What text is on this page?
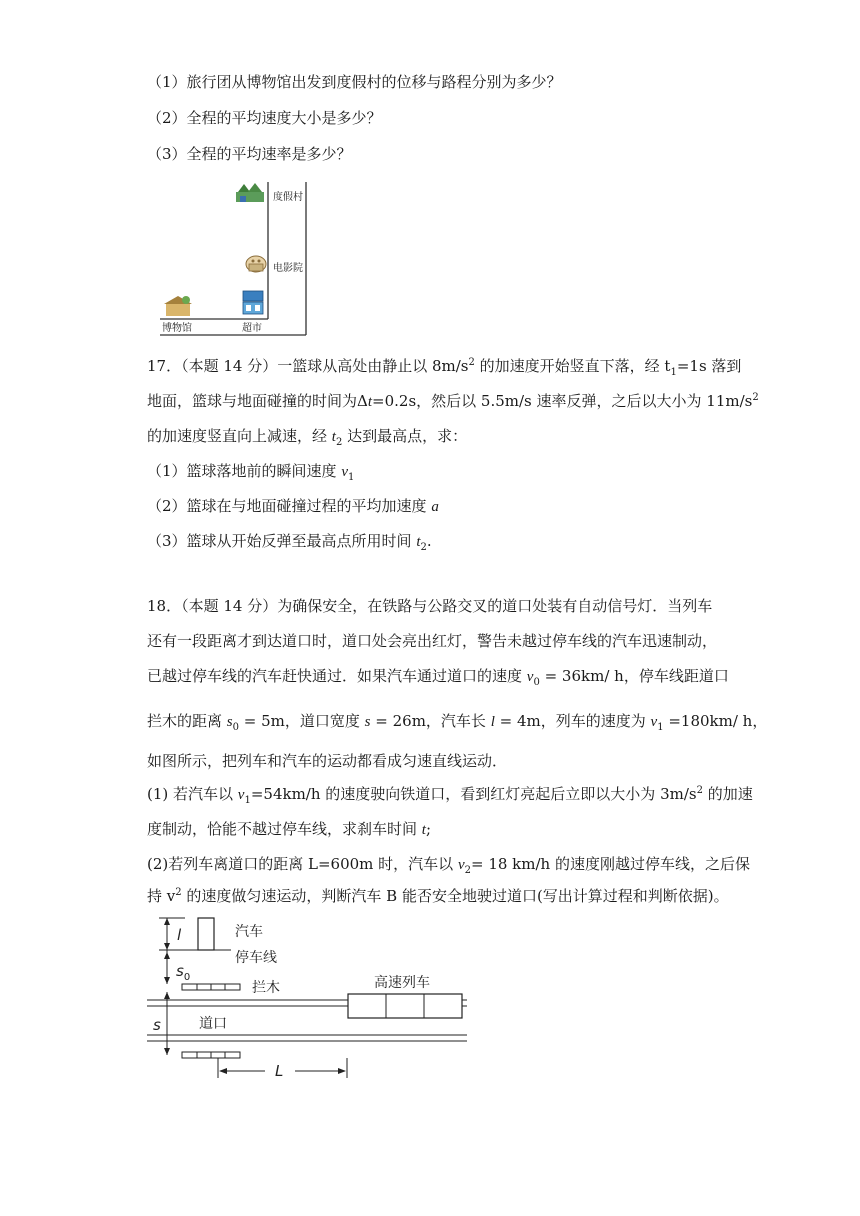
（1）旅行团从博物馆出发到度假村的位移与路程分别为多少？
（2）全程的平均速度大小是多少？
（3）全程的平均速率是多少？
度假村
电影院
博物馆	超市
17．（本题 14 分）一篮球从高处由静止以 $8m/s^2$ 的加速度开始竖直下落，经 $t_1=1s$ 落到
地面，篮球与地面碰撞的时间为Δt=0.2s，然后以 5.5m/s 速率反弹，之后以大小为 $11m/s^2$
的加速度竖直向上减速，经 $t_2$ 达到最高点，求：
（1）篮球落地前的瞬间速度 $v_1$
（2）篮球在与地面碰撞过程的平均加速度 a
（3）篮球从开始反弹至最高点所用时间 $t_2$.
18．（本题 14 分）为确保安全，在铁路与公路交叉的道口处装有自动信号灯．当列车
还有一段距离才到达道口时，道口处会亮出红灯，警告未越过停车线的汽车迅速制动，
已越过停车线的汽车赶快通过．如果汽车通过道口的速度 $v_0 = 36km/$ h，停车线距道口
拦木的距离 $s_0 = 5m$，道口宽度 s = 26m，汽车长 l = 4m，列车的速度为 $v_1 =180km/$ h，
如图所示，把列车和汽车的运动都看成匀速直线运动．
(1) 若汽车以 $v_1=54km/h$ 的速度驶向铁道口，看到红灯亮起后立即以大小为 $3m/s^2$ 的加速
度制动，恰能不越过停车线，求刹车时间 t;
(2)若列车离道口的距离 L=600m 时，汽车以 $v_2= 18$ km/h 的速度刚越过停车线，之后保
持 $v^2$ 的速度做匀速运动，判断汽车 B 能否安全地驶过道口(写出计算过程和判断依据)。
l	汽车
停车线
$s_0$
拦木	高速列车
s	道口
L
